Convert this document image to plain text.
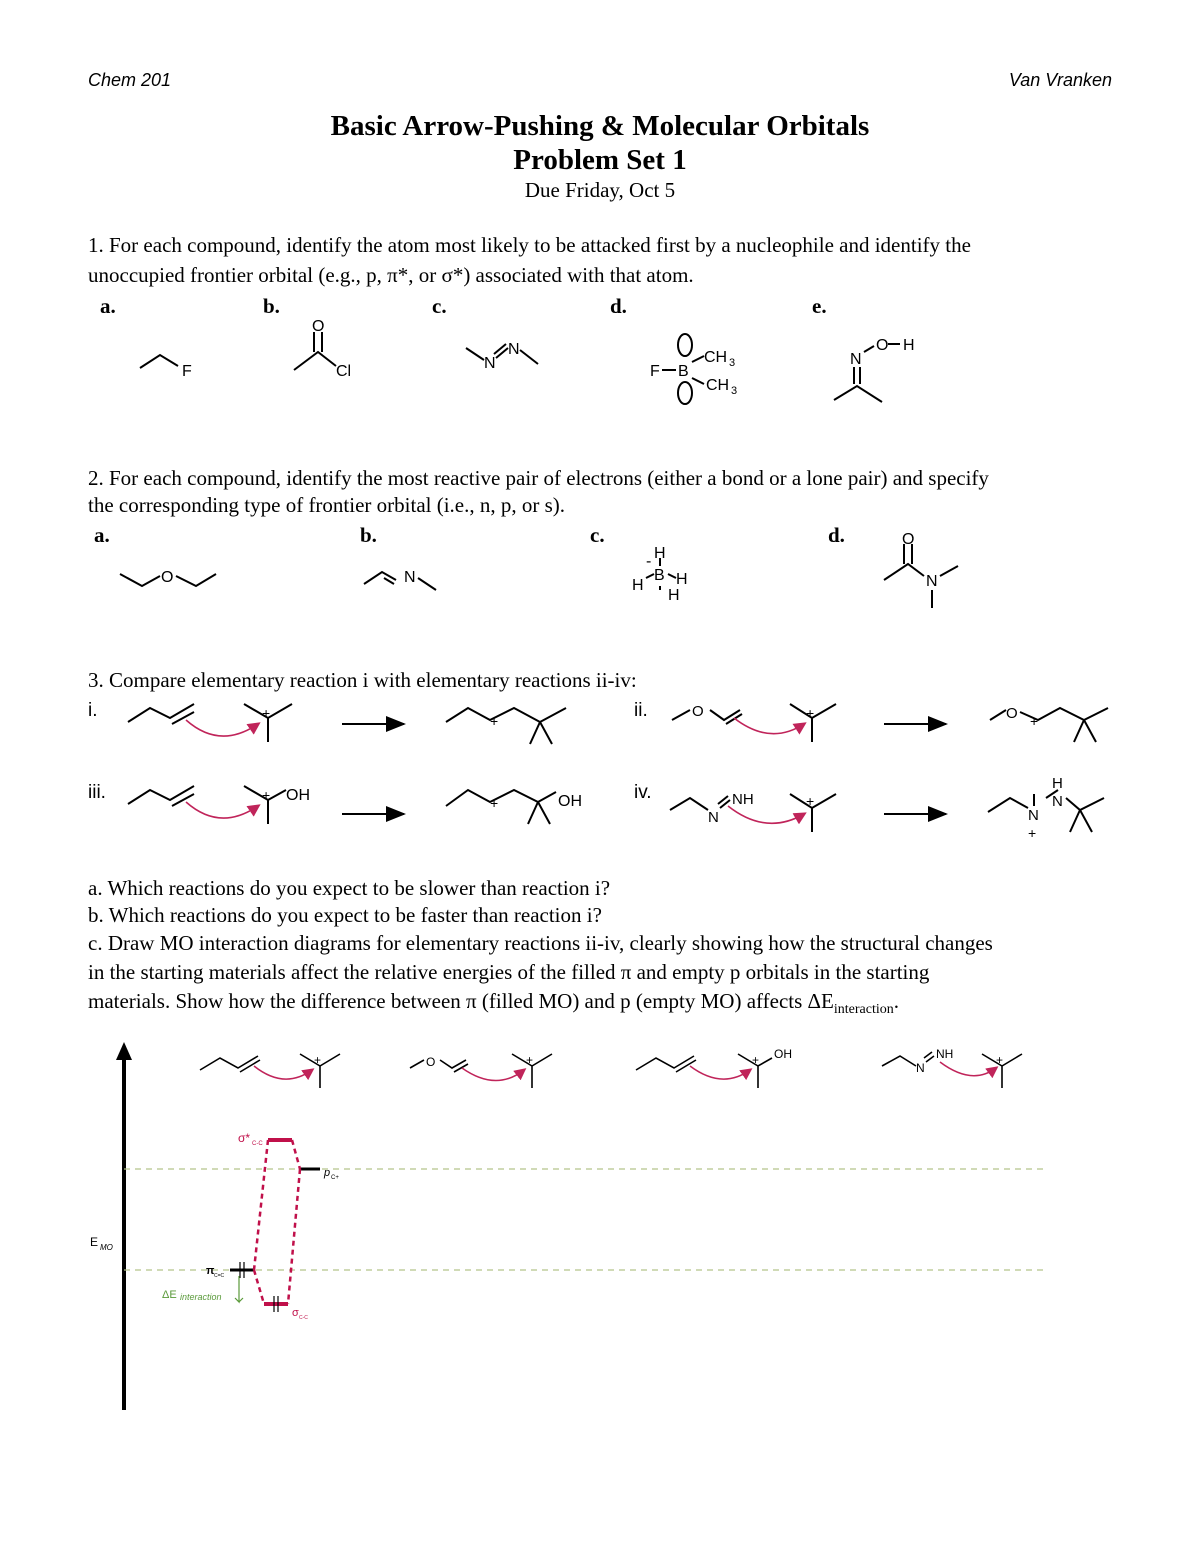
Chem 201	Van Vranken
Basic Arrow-Pushing & Molecular Orbitals
Problem Set 1
Due Friday, Oct 5
1. For each compound, identify the atom most likely to be attacked first by a nucleophile and identify the
unoccupied frontier orbital (e.g., p, π*, or σ*) associated with that atom.
a.	b.	c.	d.	e.
F
O
Cl	N
N
F B
CH 3
CH 3
N
O H
2. For each compound, identify the most reactive pair of electrons (either a bond or a lone pair) and specify
the corresponding type of frontier orbital (i.e., n, p, or s).
a.	b.	c.	d.
O	N
H
-
B
H H
H
O
N
3. Compare elementary reaction i with elementary reactions ii-iv:
i.	ii.
iii.	iv.
+	+
O	+	O +
+ OH	+	OH
N
NH	+
H
N
N
+
a. Which reactions do you expect to be slower than reaction i?
b. Which reactions do you expect to be faster than reaction i?
c. Draw MO interaction diagrams for elementary reactions ii-iv, clearly showing how the structural changes
in the starting materials affect the relative energies of the filled π and empty p orbitals in the starting
materials. Show how the difference between π (filled MO) and p (empty MO) affects $\Delta E_{interaction}$.
E MO
+	O	+	+ OH
N
NH	+
σ* C-C
p C+
π C=C
σ C-C
ΔE interaction
